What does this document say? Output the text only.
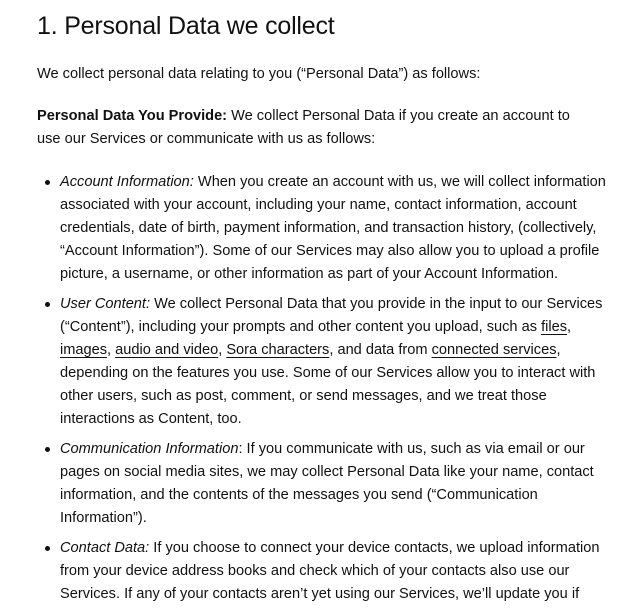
1. Personal Data we collect

We collect personal data relating to you (“Personal Data”) as follows:

Personal Data You Provide: We collect Personal Data if you create an account to use our Services or communicate with us as follows:

Account Information: When you create an account with us, we will collect information associated with your account, including your name, contact information, account credentials, date of birth, payment information, and transaction history, (collectively, “Account Information”). Some of our Services may also allow you to upload a profile picture, a username, or other information as part of your Account Information.
User Content: We collect Personal Data that you provide in the input to our Services (“Content”), including your prompts and other content you upload, such as files, images, audio and video, Sora characters, and data from connected services, depending on the features you use. Some of our Services allow you to interact with other users, such as post, comment, or send messages, and we treat those interactions as Content, too.
Communication Information: If you communicate with us, such as via email or our pages on social media sites, we may collect Personal Data like your name, contact information, and the contents of the messages you send (“Communication Information”).
Contact Data: If you choose to connect your device contacts, we upload information from your device address books and check which of your contacts also use our Services. If any of your contacts aren’t yet using our Services, we’ll update you if
